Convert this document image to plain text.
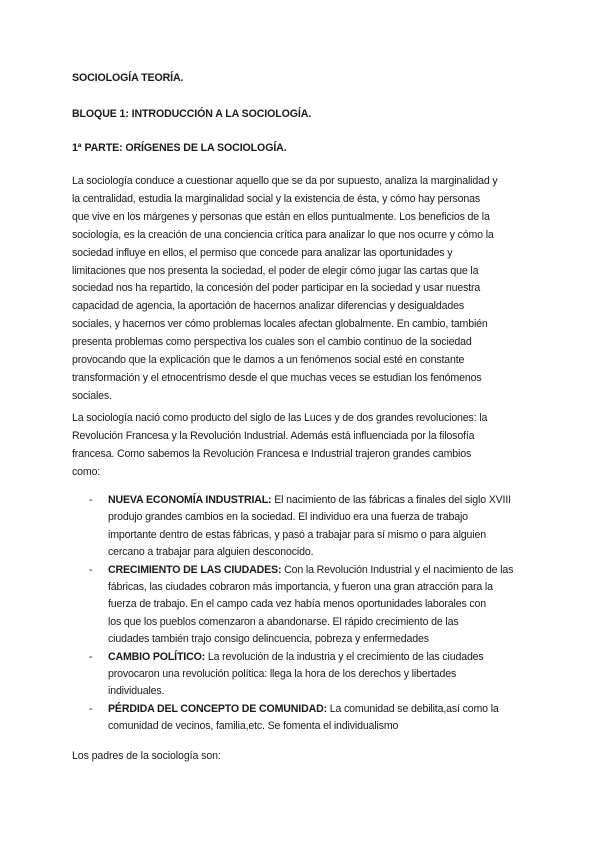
SOCIOLOGÍA TEORÍA.
BLOQUE 1: INTRODUCCIÓN A LA SOCIOLOGÍA.
1ª PARTE: ORÍGENES DE LA SOCIOLOGÍA.
La sociología conduce a cuestionar aquello que se da por supuesto, analiza la marginalidad y
la centralidad, estudia la marginalidad social y la existencia de ésta, y cómo hay personas
que vive en los márgenes y personas que están en ellos puntualmente. Los beneficios de la
sociología, es la creación de una conciencia crítica para analizar lo que nos ocurre y cómo la
sociedad influye en ellos, el permiso que concede para analizar las oportunidades y
limitaciones que nos presenta la sociedad, el poder de elegir cómo jugar las cartas que la
sociedad nos ha repartido, la concesión del poder participar en la sociedad y usar nuestra
capacidad de agencia, la aportación de hacernos analizar diferencias y desigualdades
sociales, y hacernos ver cómo problemas locales afectan globalmente. En cambio, también
presenta problemas como perspectiva los cuales son el cambio continuo de la sociedad
provocando que la explicación que le damos a un fenómenos social esté en constante
transformación y el etnocentrismo desde el que muchas veces se estudian los fenómenos
sociales.
La sociología nació como producto del siglo de las Luces y de dos grandes revoluciones: la
Revolución Francesa y la Revolución Industrial. Además está influenciada por la filosofía
francesa. Como sabemos la Revolución Francesa e Industrial trajeron grandes cambios
como:
- NUEVA ECONOMÍA INDUSTRIAL: El nacimiento de las fábricas a finales del siglo XVIII
produjo grandes cambios en la sociedad. El individuo era una fuerza de trabajo
importante dentro de estas fábricas, y pasó a trabajar para sí mismo o para alguien
cercano a trabajar para alguien desconocido.
- CRECIMIENTO DE LAS CIUDADES: Con la Revolución Industrial y el nacimiento de las
fábricas, las ciudades cobraron más importancia, y fueron una gran atracción para la
fuerza de trabajo. En el campo cada vez había menos oportunidades laborales con
los que los pueblos comenzaron a abandonarse. El rápido crecimiento de las
ciudades también trajo consigo delincuencia, pobreza y enfermedades
- CAMBIO POLÍTICO: La revolución de la industria y el crecimiento de las ciudades
provocaron una revolución política: llega la hora de los derechos y libertades
individuales.
- PÉRDIDA DEL CONCEPTO DE COMUNIDAD: La comunidad se debilita,así como la
comunidad de vecinos, familia,etc. Se fomenta el individualismo
Los padres de la sociología son:
